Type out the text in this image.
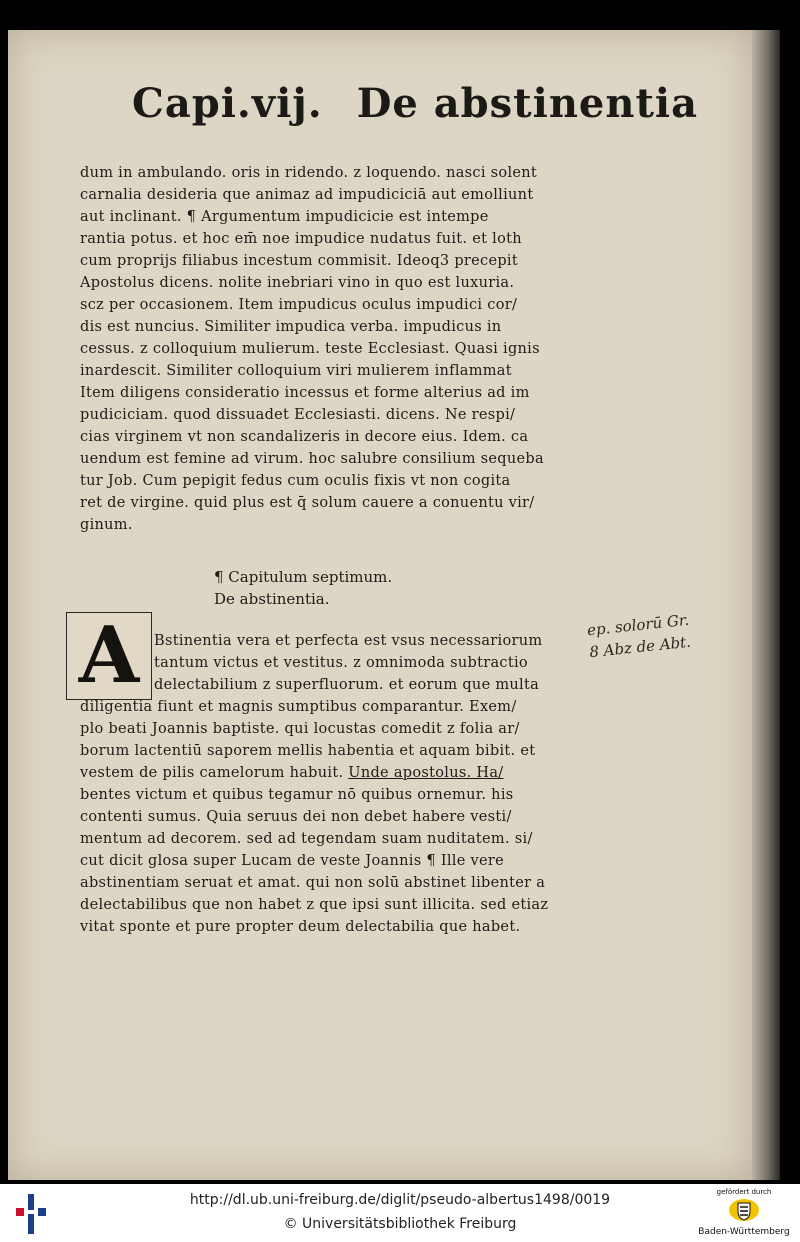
Capi.vij. De abstinentia
dum in ambulando. oris in ridendo. z loquendo. nasci solent
carnalia desideria que animaz ad impudiciciā aut emolliunt
aut inclinant. ¶ Argumentum impudicicie est intempe
rantia potus. et hoc em̄ noe impudice nudatus fuit. et loth
cum proprijs filiabus incestum commisit. Ideoq3 precepit
Apostolus dicens. nolite inebriari vino in quo est luxuria.
scz per occasionem. Item impudicus oculus impudici cor/
dis est nuncius. Similiter impudica verba. impudicus in
cessus. z colloquium mulierum. teste Ecclesiast. Quasi ignis
inardescit. Similiter colloquium viri mulierem inflammat
Item diligens consideratio incessus et forme alterius ad im
pudiciciam. quod dissuadet Ecclesiasti. dicens. Ne respi/
cias virginem vt non scandalizeris in decore eius. Idem. ca
uendum est femine ad virum. hoc salubre consilium sequeba
tur Job. Cum pepigit fedus cum oculis fixis vt non cogita
ret de virgine. quid plus est q̄ solum cauere a conuentu vir/
ginum.
¶ Capitulum septimum.
De abstinentia.
A Bstinentia vera et perfecta est vsus necessariorum
tantum victus et vestitus. z omnimoda subtractio
delectabilium z superfluorum. et eorum que multa
diligentia fiunt et magnis sumptibus comparantur. Exem/
plo beati Joannis baptiste. qui locustas comedit z folia ar/
borum lactentiū saporem mellis habentia et aquam bibit. et
vestem de pilis camelorum habuit. Unde apostolus. Ha/
bentes victum et quibus tegamur nō quibus ornemur. his
contenti sumus. Quia seruus dei non debet habere vesti/
mentum ad decorem. sed ad tegendam suam nuditatem. si/
cut dicit glosa super Lucam de veste Joannis ¶ Ille vere
abstinentiam seruat et amat. qui non solū abstinet libenter a
delectabilibus que non habet z que ipsi sunt illicita. sed etiaz
vitat sponte et pure propter deum delectabilia que habet.
ep. solorū Gr.
8 Abz de Abt.
http://dl.ub.uni-freiburg.de/diglit/pseudo-albertus1498/0019
© Universitätsbibliothek Freiburg
gefördert durch
Baden-Württemberg
